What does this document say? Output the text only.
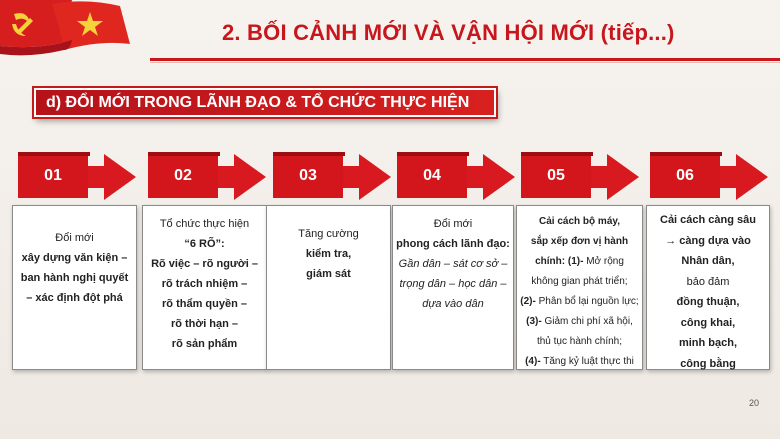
2. BỐI CẢNH MỚI VÀ VẬN HỘI MỚI (tiếp...)
d) ĐỔI MỚI TRONG LÃNH ĐẠO & TỔ CHỨC THỰC HIỆN
01	02	03	04	05	06
Đổi mới
xây dựng văn kiện –
ban hành nghị quyết
– xác định đột phá
Tổ chức thực hiện
“6 RÕ”:
Rõ việc – rõ người –
rõ trách nhiệm –
rõ thẩm quyền –
rõ thời hạn –
rõ sản phẩm
Tăng cường
kiểm tra,
giám sát
Đổi mới
phong cách lãnh đạo:
Gần dân – sát cơ sở –
trọng dân – học dân –
dựa vào dân
Cải cách bộ máy,
sắp xếp đơn vị hành
chính: (1)- Mở rộng
không gian phát triển;
(2)- Phân bổ lại nguồn lực;
(3)- Giảm chi phí xã hội,
thủ tục hành chính;
(4)- Tăng kỷ luật thực thi
Cải cách càng sâu
→ càng dựa vào
Nhân dân,
bảo đảm
đồng thuận,
công khai,
minh bạch,
công bằng
20
